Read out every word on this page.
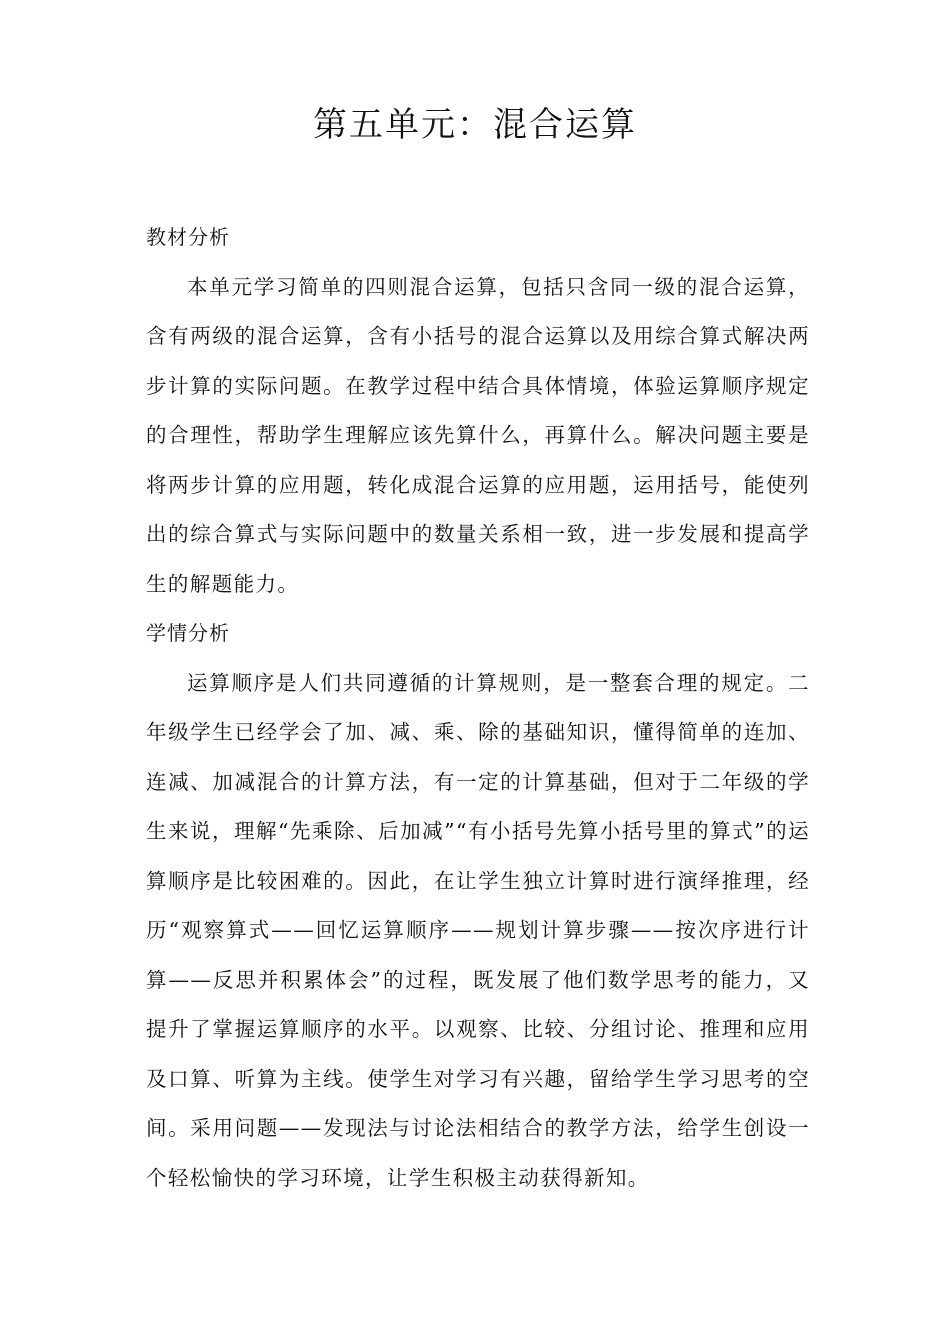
第五单元：混合运算
教材分析

本单元学习简单的四则混合运算，包括只含同一级的混合运算，含有两级的混合运算，含有小括号的混合运算以及用综合算式解决两步计算的实际问题。在教学过程中结合具体情境，体验运算顺序规定的合理性，帮助学生理解应该先算什么，再算什么。解决问题主要是将两步计算的应用题，转化成混合运算的应用题，运用括号，能使列出的综合算式与实际问题中的数量关系相一致，进一步发展和提高学生的解题能力。

学情分析

运算顺序是人们共同遵循的计算规则，是一整套合理的规定。二年级学生已经学会了加、减、乘、除的基础知识，懂得简单的连加、连减、加减混合的计算方法，有一定的计算基础，但对于二年级的学生来说，理解“先乘除、后加减”“有小括号先算小括号里的算式”的运算顺序是比较困难的。因此，在让学生独立计算时进行演绎推理，经历“观察算式——回忆运算顺序——规划计算步骤——按次序进行计算——反思并积累体会”的过程，既发展了他们数学思考的能力，又提升了掌握运算顺序的水平。以观察、比较、分组讨论、推理和应用及口算、听算为主线。使学生对学习有兴趣，留给学生学习思考的空间。采用问题——发现法与讨论法相结合的教学方法，给学生创设一个轻松愉快的学习环境，让学生积极主动获得新知。
